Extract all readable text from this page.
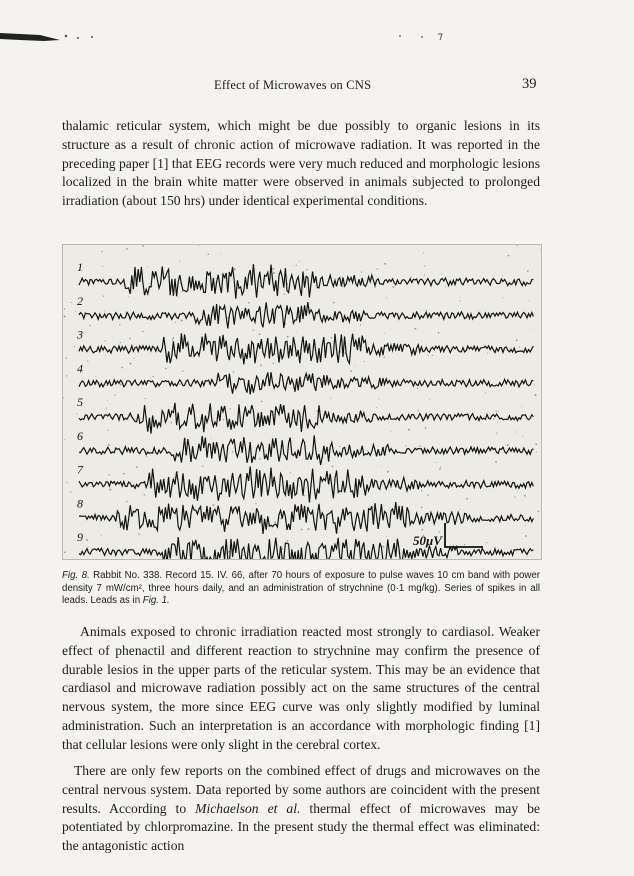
Effect of Microwaves on CNS	39

thalamic reticular system, which might be due possibly to organic lesions in its structure as a result of chronic action of microwave radiation. It was reported in the preceding paper [1] that EEG records were very much reduced and morphologic lesions localized in the brain white matter were observed in animals subjected to prolonged irradiation (about 150 hrs) under identical experimental conditions.

1
2
3
4
5
6
7
8
9	50μV
Fig. 8. Rabbit No. 338. Record 15. IV. 66, after 70 hours of exposure to pulse waves 10 cm band with power density 7 mW/cm², three hours daily, and an administration of strychnine (0·1 mg/kg). Series of spikes in all leads. Leads as in Fig. 1.

Animals exposed to chronic irradiation reacted most strongly to cardiasol. Weaker effect of phenactil and different reaction to strychnine may confirm the presence of durable lesios in the upper parts of the reticular system. This may be an evidence that cardiasol and microwave radiation possibly act on the same structures of the central nervous system, the more since EEG curve was only slightly modified by luminal administration. Such an interpretation is an accordance with morphologic finding [1] that cellular lesions were only slight in the cerebral cortex.

There are only few reports on the combined effect of drugs and microwaves on the central nervous system. Data reported by some authors are coincident with the present results. According to Michaelson et al. thermal effect of microwaves may be potentiated by chlorpromazine. In the present study the thermal effect was eliminated: the antagonistic action
